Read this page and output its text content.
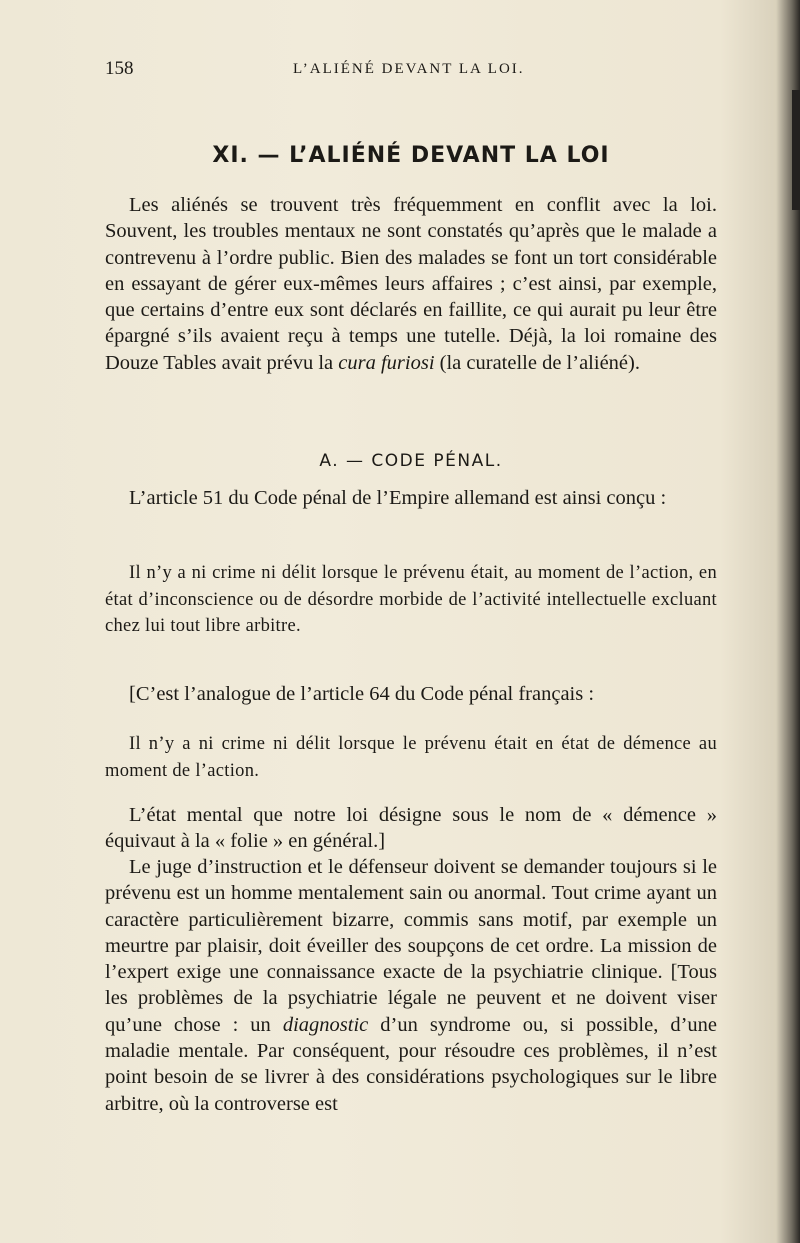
158	L’ALIÉNÉ DEVANT LA LOI.
XI. — L’ALIÉNÉ DEVANT LA LOI

Les aliénés se trouvent très fréquemment en conflit avec la loi. Souvent, les troubles mentaux ne sont constatés qu’après que le malade a contrevenu à l’ordre public. Bien des malades se font un tort considérable en essayant de gérer eux-mêmes leurs affaires ; c’est ainsi, par exemple, que certains d’entre eux sont déclarés en faillite, ce qui aurait pu leur être épargné s’ils avaient reçu à temps une tutelle. Déjà, la loi romaine des Douze Tables avait prévu la cura furiosi (la curatelle de l’aliéné).

A. — CODE PÉNAL.

L’article 51 du Code pénal de l’Empire allemand est ainsi conçu :

Il n’y a ni crime ni délit lorsque le prévenu était, au moment de l’action, en état d’inconscience ou de désordre morbide de l’activité intellectuelle excluant chez lui tout libre arbitre.

[C’est l’analogue de l’article 64 du Code pénal français :

Il n’y a ni crime ni délit lorsque le prévenu était en état de démence au moment de l’action.

L’état mental que notre loi désigne sous le nom de « démence » équivaut à la « folie » en général.]

Le juge d’instruction et le défenseur doivent se demander toujours si le prévenu est un homme mentalement sain ou anormal. Tout crime ayant un caractère particulièrement bizarre, commis sans motif, par exemple un meurtre par plaisir, doit éveiller des soupçons de cet ordre. La mission de l’expert exige une connaissance exacte de la psychiatrie clinique. [Tous les problèmes de la psychiatrie légale ne peuvent et ne doivent viser qu’une chose : un diagnostic d’un syndrome ou, si possible, d’une maladie mentale. Par conséquent, pour résoudre ces problèmes, il n’est point besoin de se livrer à des considérations psychologiques sur le libre arbitre, où la controverse est
